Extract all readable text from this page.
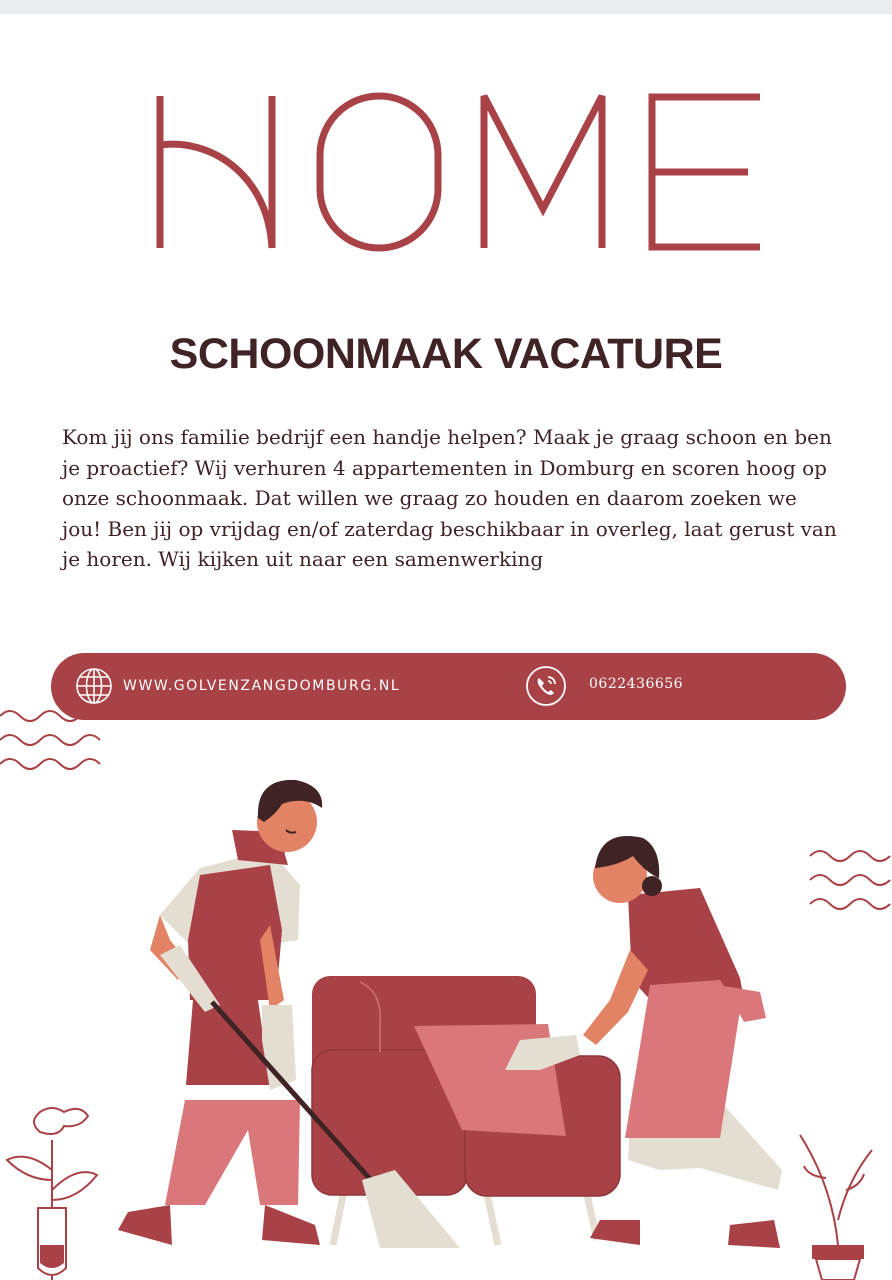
SCHOONMAAK VACATURE

Kom jij ons familie bedrijf een handje helpen? Maak je graag schoon en ben je proactief? Wij verhuren 4 appartementen in Domburg en scoren hoog op onze schoonmaak. Dat willen we graag zo houden en daarom zoeken we jou! Ben jij op vrijdag en/of zaterdag beschikbaar in overleg, laat gerust van je horen. Wij kijken uit naar een samenwerking

WWW.GOLVENZANGDOMBURG.NL	0622436656
